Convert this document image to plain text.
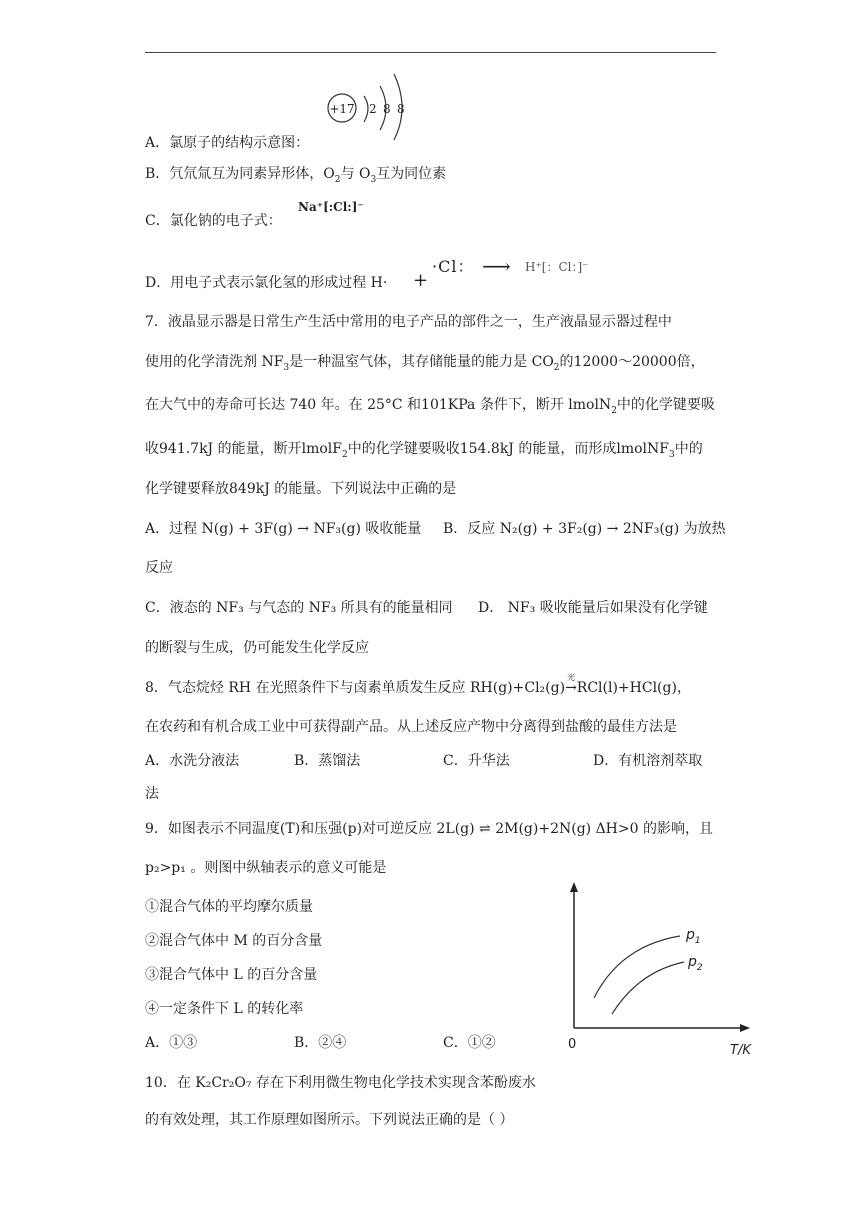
+17 2 8 8
A．氯原子的结构示意图：
B．氕氘氚互为同素异形体，$O_2$与 $O_3$互为同位素
C．氯化钠的电子式：
Na⁺[:Cl:]⁻
D．用电子式表示氯化氢的形成过程 H· +
·Cl： ⟶ H⁺[：Cl：]⁻
7．液晶显示器是日常生产生活中常用的电子产品的部件之一，生产液晶显示器过程中
使用的化学清洗剂 $NF_3$是一种温室气体，其存储能量的能力是 $CO_2$的12000～20000倍，
在大气中的寿命可长达 740 年。在 25°C 和101KPa 条件下，断开 lmolN$_2$中的化学键要吸
收941.7kJ 的能量，断开lmolF$_2$中的化学键要吸收154.8kJ 的能量，而形成lmolNF$_3$中的
化学键要释放849kJ 的能量。下列说法中正确的是
A．过程 N(g) + 3F(g) → NF₃(g) 吸收能量 B．反应 N₂(g) + 3F₂(g) → 2NF₃(g) 为放热
反应
C．液态的 NF₃ 与气态的 NF₃ 所具有的能量相同 D． NF₃ 吸收能量后如果没有化学键
的断裂与生成，仍可能发生化学反应
8．气态烷烃 RH 在光照条件下与卤素单质发生反应 RH(g)+Cl₂(g)
光
→RCl(l)+HCl(g)，
在农药和有机合成工业中可获得副产品。从上述反应产物中分离得到盐酸的最佳方法是
A．水洗分液法	B．蒸馏法	C．升华法	D．有机溶剂萃取
法
9．如图表示不同温度(T)和压强(p)对可逆反应 2L(g) ⇌ 2M(g)+2N(g) ΔH>0 的影响，且
p₂>p₁ 。则图中纵轴表示的意义可能是
①混合气体的平均摩尔质量
②混合气体中 M 的百分含量
③混合气体中 L 的百分含量
④一定条件下 L 的转化率
A．①③	B．②④	C．①②
$p_1$
$p_2$
0	T/K
10．在 K₂Cr₂O₇ 存在下利用微生物电化学技术实现含苯酚废水
的有效处理，其工作原理如图所示。下列说法正确的是（ ）
